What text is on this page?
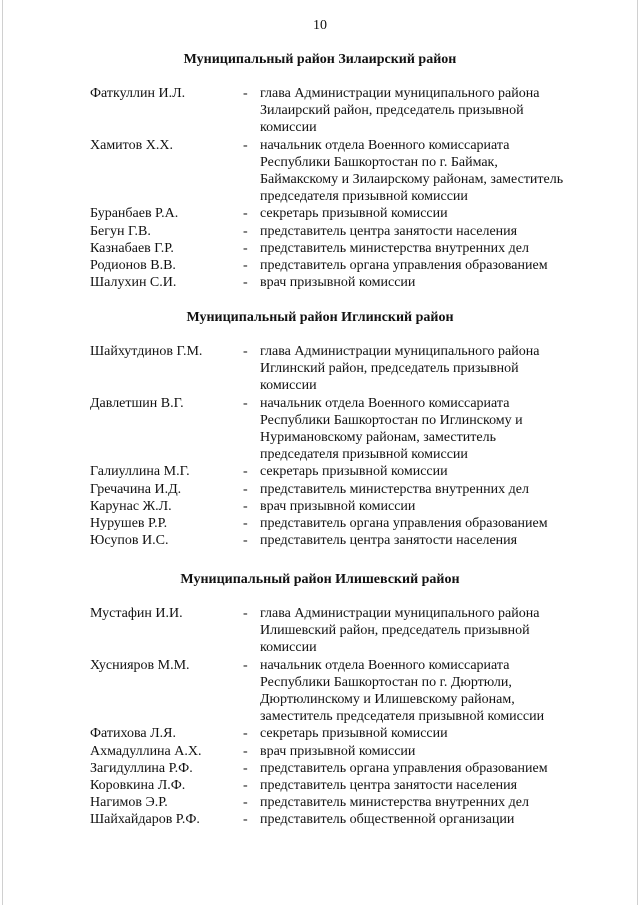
10
Муниципальный район Зилаирский район
Фаткуллин И.Л.	- глава Администрации муниципального района
Зилаирский район, председатель призывной
комиссии
Хамитов Х.Х.	- начальник отдела Военного комиссариата
Республики Башкортостан по г. Баймак,
Баймакскому и Зилаирскому районам, заместитель
председателя призывной комиссии
Буранбаев Р.А.	- секретарь призывной комиссии
Бегун Г.В.	- представитель центра занятости населения
Казнабаев Г.Р.	- представитель министерства внутренних дел
Родионов В.В.	- представитель органа управления образованием
Шалухин С.И.	- врач призывной комиссии
Муниципальный район Иглинский район
Шайхутдинов Г.М.	- глава Администрации муниципального района
Иглинский район, председатель призывной
комиссии
Давлетшин В.Г.	- начальник отдела Военного комиссариата
Республики Башкортостан по Иглинскому и
Нуримановскому районам, заместитель
председателя призывной комиссии
Галиуллина М.Г.	- секретарь призывной комиссии
Гречачина И.Д.	- представитель министерства внутренних дел
Карунас Ж.Л.	- врач призывной комиссии
Нурушев Р.Р.	- представитель органа управления образованием
Юсупов И.С.	- представитель центра занятости населения
Муниципальный район Илишевский район
Мустафин И.И.	- глава Администрации муниципального района
Илишевский район, председатель призывной
комиссии
Хуснияров М.М.	- начальник отдела Военного комиссариата
Республики Башкортостан по г. Дюртюли,
Дюртюлинскому и Илишевскому районам,
заместитель председателя призывной комиссии
Фатихова Л.Я.	- секретарь призывной комиссии
Ахмадуллина А.Х.	- врач призывной комиссии
Загидуллина Р.Ф.	- представитель органа управления образованием
Коровкина Л.Ф.	- представитель центра занятости населения
Нагимов Э.Р.	- представитель министерства внутренних дел
Шайхайдаров Р.Ф.	- представитель общественной организации
